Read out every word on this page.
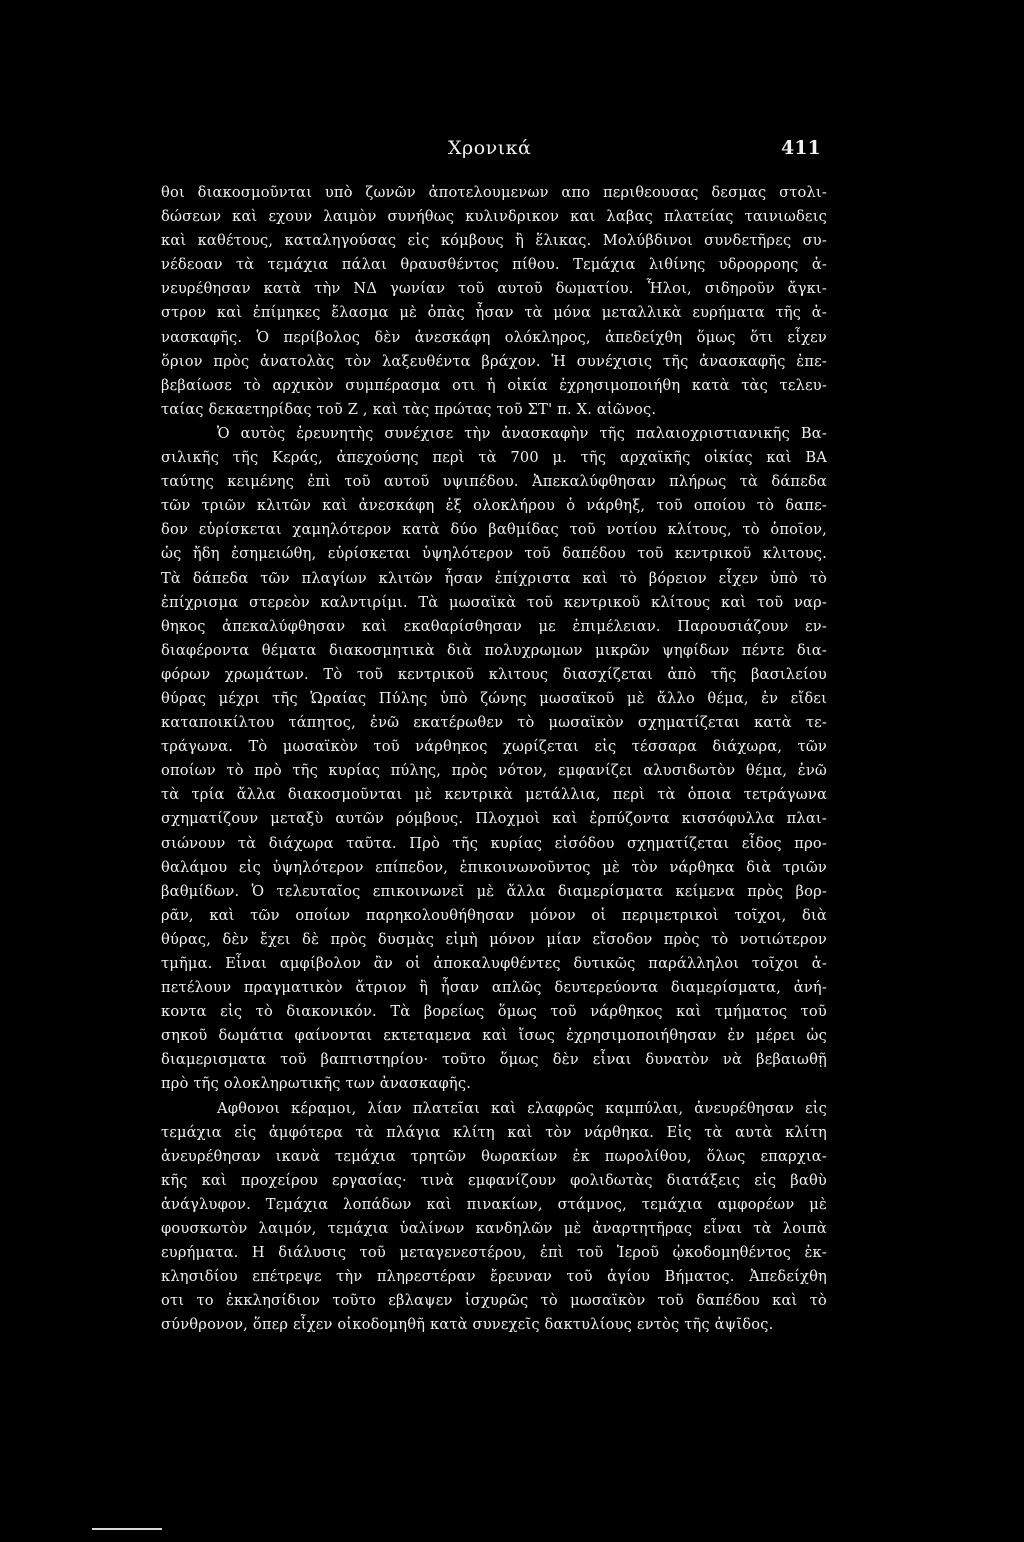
Χρονικά	411
θοι διακοσμοῦνται υπὸ ζωνῶν ἀποτελουμενων απο περιθεουσας δεσμας στολι-
δώσεων καὶ εχουν λαιμὸν συνήθως κυλινδρικον και λαβας πλατείας ταινιωδεις
καὶ καθέτους, καταληγούσας εἰς κόμβους ἢ ἕλικας. Μολύβδινοι συνδετῆρες συ-
νέδεοαν τὰ τεμάχια πάλαι θραυσθέντος πίθου. Τεμάχια λιθίνης υδρορροης ἀ-
νευρέθησαν κατὰ τὴν ΝΔ γωνίαν τοῦ αυτοῦ δωματίου. Ἧλοι, σιδηροῦν ἄγκι-
στρον καὶ ἐπίμηκες ἔλασμα μὲ ὀπὰς ἦσαν τὰ μόνα μεταλλικὰ ευρήματα τῆς ἀ-
νασκαφῆς. Ὁ περίβολος δὲν ἀνεσκάφη ολόκληρος, ἀπεδείχθη ὅμως ὅτι εἶχεν
ὅριον πρὸς ἀνατολὰς τὸν λαξευθέντα βράχον. Ἡ συνέχισις τῆς ἀνασκαφῆς ἐπε-
βεβαίωσε τὸ αρχικὸν συμπέρασμα οτι ἡ οἰκία ἐχρησιμοποιήθη κατὰ τὰς τελευ-
ταίας δεκαετηρίδας τοῦ Ζ , καὶ τὰς πρώτας τοῦ ΣΤ' π. Χ. αἰῶνος.
Ὁ αυτὸς ἐρευνητὴς συνέχισε τὴν ἀνασκαφὴν τῆς παλαιοχριστιανικῆς Βα-
σιλικῆς τῆς Κεράς, ἀπεχούσης περὶ τὰ 700 μ. τῆς αρχαϊκῆς οἰκίας καὶ ΒΑ
ταύτης κειμένης ἐπὶ τοῦ αυτοῦ υψιπέδου. Ἀπεκαλύφθησαν πλήρως τὰ δάπεδα
τῶν τριῶν κλιτῶν καὶ ἀνεσκάφη ἐξ ολοκλήρου ὁ νάρθηξ, τοῦ οποίου τὸ δαπε-
δον εὑρίσκεται χαμηλότερον κατὰ δύο βαθμίδας τοῦ νοτίου κλίτους, τὸ ὁποῖον,
ὡς ἤδη ἐσημειώθη, εὑρίσκεται ὑψηλότερον τοῦ δαπέδου τοῦ κεντρικοῦ κλιτους.
Τὰ δάπεδα τῶν πλαγίων κλιτῶν ἦσαν ἐπίχριστα καὶ τὸ βόρειον εἶχεν ὑπὸ τὸ
ἐπίχρισμα στερεὸν καλντιρίμι. Τὰ μωσαϊκὰ τοῦ κεντρικοῦ κλίτους καὶ τοῦ ναρ-
θηκος ἀπεκαλύφθησαν καὶ εκαθαρίσθησαν με ἐπιμέλειαν. Παρουσιάζουν εν-
διαφέροντα θέματα διακοσμητικὰ διὰ πολυχρωμων μικρῶν ψηφίδων πέντε δια-
φόρων χρωμάτων. Τὸ τοῦ κεντρικοῦ κλιτους διασχίζεται ἀπὸ τῆς βασιλείου
θύρας μέχρι τῆς Ὡραίας Πύλης ὑπὸ ζώνης μωσαϊκοῦ μὲ ἄλλο θέμα, ἐν εἴδει
καταποικίλτου τάπητος, ἐνῶ εκατέρωθεν τὸ μωσαϊκὸν σχηματίζεται κατὰ τε-
τράγωνα. Τὸ μωσαϊκὸν τοῦ νάρθηκος χωρίζεται εἰς τέσσαρα διάχωρα, τῶν
οποίων τὸ πρὸ τῆς κυρίας πύλης, πρὸς νότον, εμφανίζει αλυσιδωτὸν θέμα, ἐνῶ
τὰ τρία ἄλλα διακοσμοῦνται μὲ κεντρικὰ μετάλλια, περὶ τὰ ὁποια τετράγωνα
σχηματίζουν μεταξὺ αυτῶν ρόμβους. Πλοχμοὶ καὶ ἑρπύζοντα κισσόφυλλα πλαι-
σιώνουν τὰ διάχωρα ταῦτα. Πρὸ τῆς κυρίας εἰσόδου σχηματίζεται εἶδος προ-
θαλάμου εἰς ὑψηλότερον επίπεδον, ἐπικοινωνοῦντος μὲ τὸν νάρθηκα διὰ τριῶν
βαθμίδων. Ὁ τελευταῖος επικοινωνεῖ μὲ ἄλλα διαμερίσματα κείμενα πρὸς βορ-
ρᾶν, καὶ τῶν οποίων παρηκολουθήθησαν μόνον οἱ περιμετρικοὶ τοῖχοι, διὰ
θύρας, δὲν ἔχει δὲ πρὸς δυσμὰς εἰμὴ μόνον μίαν εἴσοδον πρὸς τὸ νοτιώτερον
τμῆμα. Εἶναι αμφίβολον ἂν οἱ ἀποκαλυφθέντες δυτικῶς παράλληλοι τοῖχοι ἀ-
πετέλουν πραγματικὸν ἄτριον ἢ ἦσαν απλῶς δευτερεύοντα διαμερίσματα, ἀνή-
κοντα εἰς τὸ διακονικόν. Τὰ βορείως ὅμως τοῦ νάρθηκος καὶ τμήματος τοῦ
σηκοῦ δωμάτια φαίνονται εκτεταμενα καὶ ἴσως ἐχρησιμοποιήθησαν ἐν μέρει ὡς
διαμερισματα τοῦ βαπτιστηρίου· τοῦτο ὅμως δὲν εἶναι δυνατὸν νὰ βεβαιωθῇ
πρὸ τῆς ολοκληρωτικῆς των ἀνασκαφῆς.
Αφθονοι κέραμοι, λίαν πλατεῖαι καὶ ελαφρῶς καμπύλαι, ἀνευρέθησαν εἰς
τεμάχια εἰς ἀμφότερα τὰ πλάγια κλίτη καὶ τὸν νάρθηκα. Εἰς τὰ αυτὰ κλίτη
ἀνευρέθησαν ικανὰ τεμάχια τρητῶν θωρακίων ἐκ πωρολίθου, ὅλως επαρχια-
κῆς καὶ προχείρου εργασίας· τινὰ εμφανίζουν φολιδωτὰς διατάξεις εἰς βαθὺ
ἀνάγλυφον. Τεμάχια λοπάδων καὶ πινακίων, στάμνος, τεμάχια αμφορέων μὲ
φουσκωτὸν λαιμόν, τεμάχια ὑαλίνων κανδηλῶν μὲ ἀναρτητῆρας εἶναι τὰ λοιπὰ
ευρήματα. Η διάλυσις τοῦ μεταγενεστέρου, ἐπὶ τοῦ Ἱεροῦ ᾠκοδομηθέντος ἐκ-
κλησιδίου επέτρεψε τὴν πληρεστέραν ἔρευναν τοῦ ἁγίου Βήματος. Ἀπεδείχθη
οτι το ἐκκλησίδιον τοῦτο εβλαψεν ἰσχυρῶς τὸ μωσαϊκὸν τοῦ δαπέδου καὶ τὸ
σύνθρονον, ὅπερ εἶχεν οἰκοδομηθῆ κατὰ συνεχεῖς δακτυλίους εντὸς τῆς ἀψῖδος.
